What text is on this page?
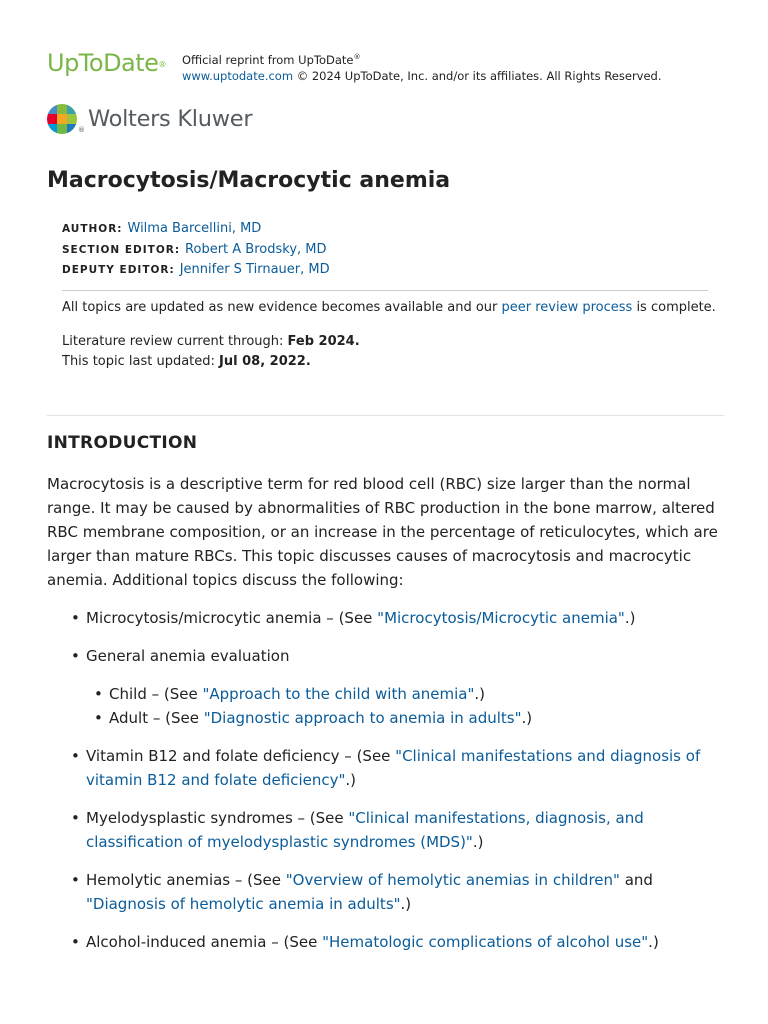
UpToDate® Official reprint from UpToDate®
www.uptodate.com © 2024 UpToDate, Inc. and/or its affiliates. All Rights Reserved.
® Wolters Kluwer
Macrocytosis/Macrocytic anemia
AUTHOR: Wilma Barcellini, MD
SECTION EDITOR: Robert A Brodsky, MD
DEPUTY EDITOR: Jennifer S Tirnauer, MD
All topics are updated as new evidence becomes available and our peer review process is complete.
Literature review current through: Feb 2024.
This topic last updated: Jul 08, 2022.
INTRODUCTION

Macrocytosis is a descriptive term for red blood cell (RBC) size larger than the normal range. It may be caused by abnormalities of RBC production in the bone marrow, altered RBC membrane composition, or an increase in the percentage of reticulocytes, which are larger than mature RBCs. This topic discusses causes of macrocytosis and macrocytic anemia. Additional topics discuss the following:

• Microcytosis/microcytic anemia – (See "Microcytosis/Microcytic anemia".)
• General anemia evaluation
• Child – (See "Approach to the child with anemia".)
• Adult – (See "Diagnostic approach to anemia in adults".)
• Vitamin B12 and folate deficiency – (See "Clinical manifestations and diagnosis of vitamin B12 and folate deficiency".)
• Myelodysplastic syndromes – (See "Clinical manifestations, diagnosis, and classification of myelodysplastic syndromes (MDS)".)
• Hemolytic anemias – (See "Overview of hemolytic anemias in children" and "Diagnosis of hemolytic anemia in adults".)
• Alcohol-induced anemia – (See "Hematologic complications of alcohol use".)
